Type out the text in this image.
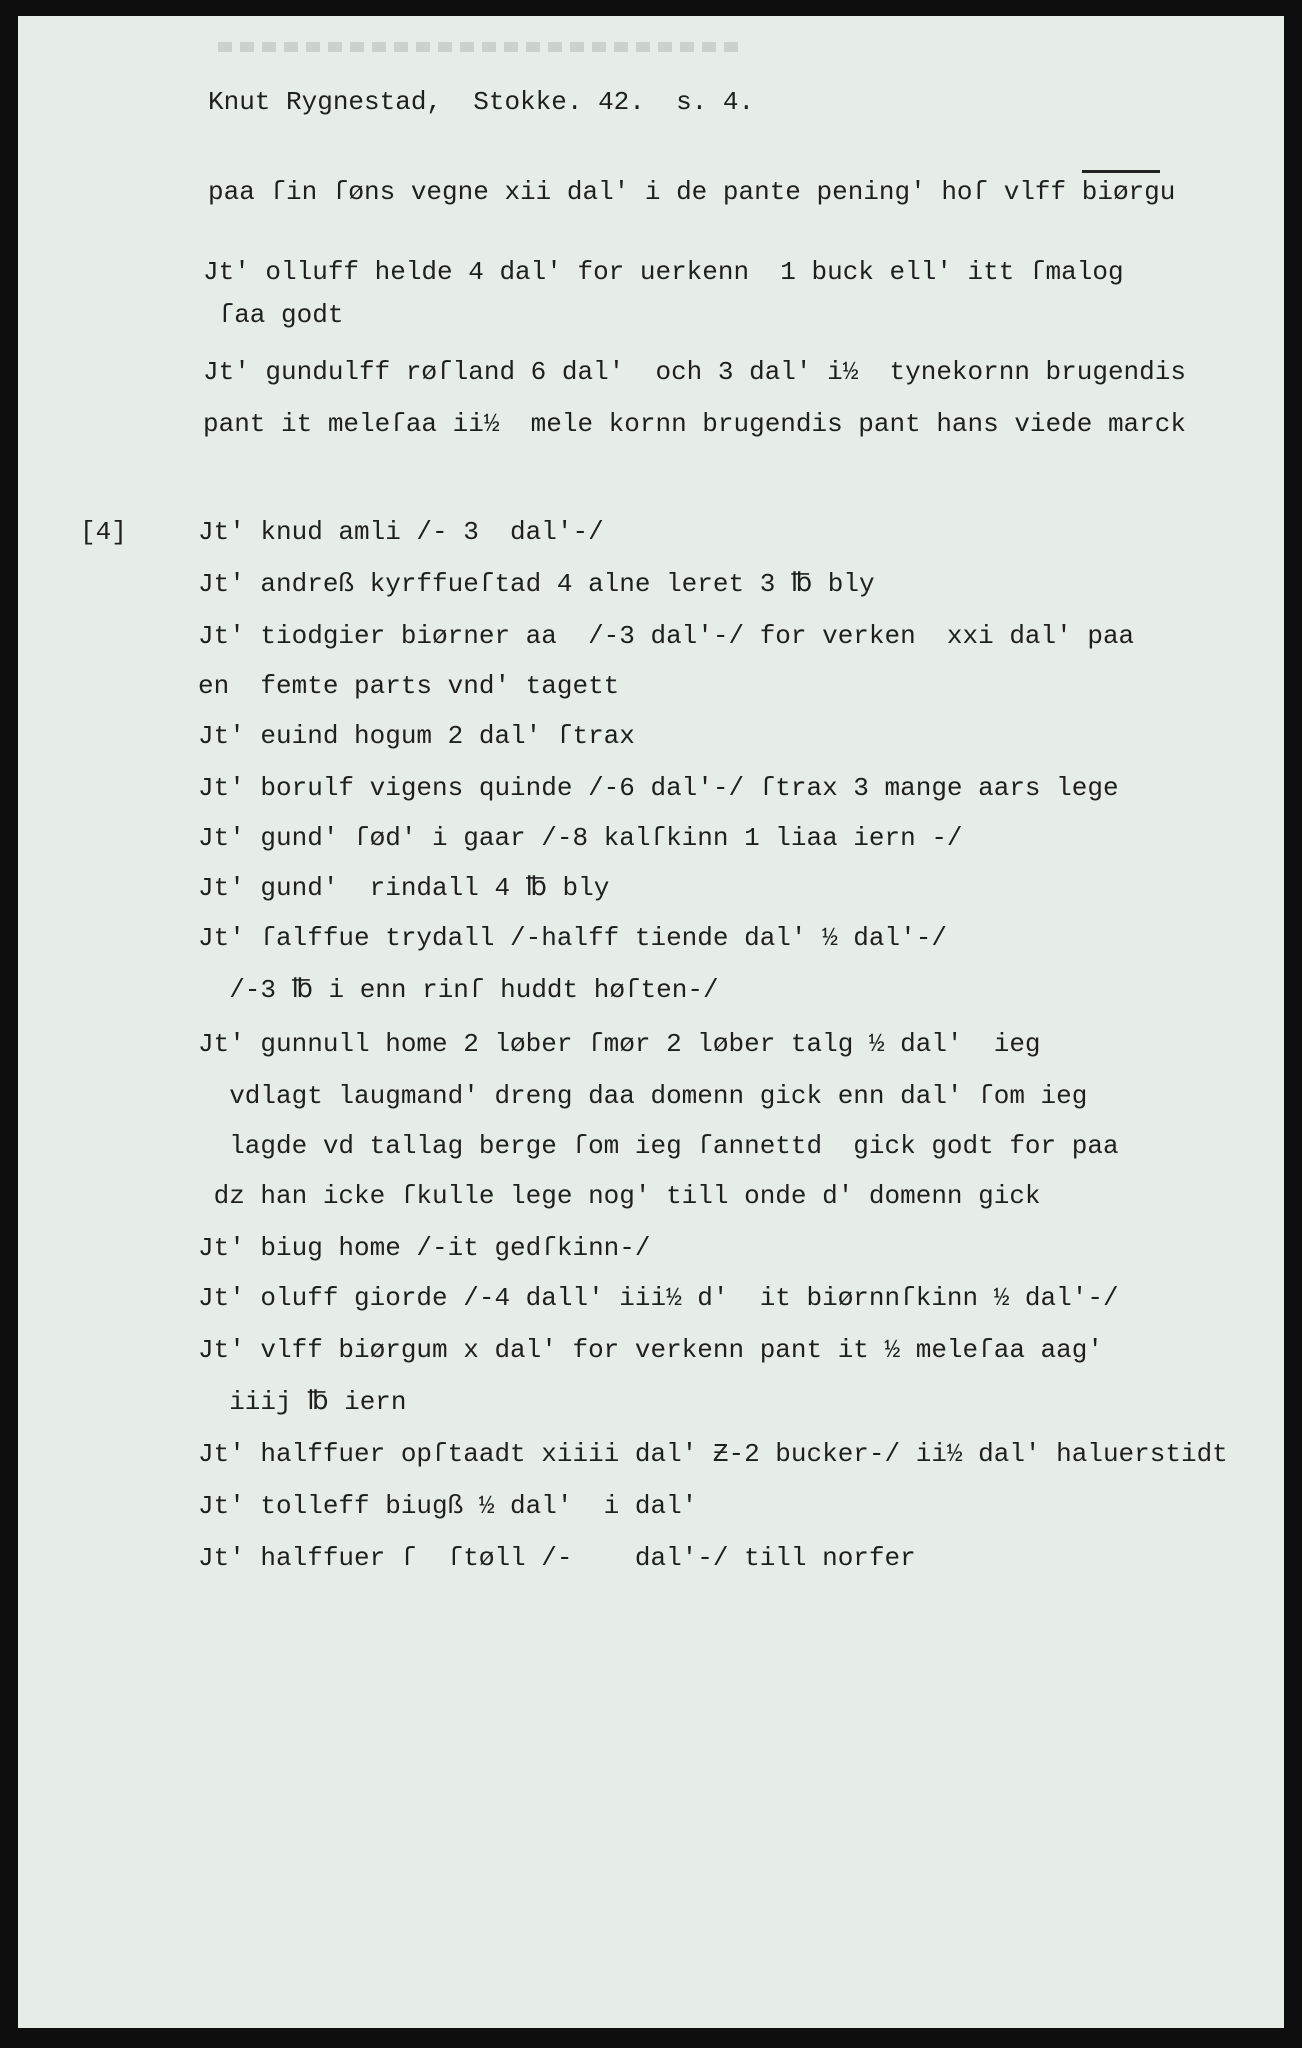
Knut Rygnestad,  Stokke. 42.  s. 4.
paa ſin ſøns vegne xii dal' i de pante pening' hoſ vlff biørgu
Jt' olluff helde 4 dal' for uerkenn  1 buck ell' itt ſmalog
ſaa godt
Jt' gundulff røſland 6 dal'  och 3 dal' i½  tynekornn brugendis
pant it meleſaa ii½  mele kornn brugendis pant hans viede marck
[4]	Jt' knud amli /- 3  dal'-/
Jt' andreß kyrffueſtad 4 alne leret 3 ℔ bly
Jt' tiodgier biørner aa  /-3 dal'-/ for verken  xxi dal' paa
en  femte parts vnd' tagett
Jt' euind hogum 2 dal' ſtrax
Jt' borulf vigens quinde /-6 dal'-/ ſtrax 3 mange aars lege
Jt' gund' ſød' i gaar /-8 kalſkinn 1 liaa iern -/
Jt' gund'  rindall 4 ℔ bly
Jt' ſalffue trydall /-halff tiende dal' ½ dal'-/
/-3 ℔ i enn rinſ huddt høſten-/
Jt' gunnull home 2 løber ſmør 2 løber talg ½ dal'  ieg
vdlagt laugmand' dreng daa domenn gick enn dal' ſom ieg
lagde vd tallag berge ſom ieg ſannettd  gick godt for paa
dz han icke ſkulle lege nog' till onde d' domenn gick
Jt' biug home /-it gedſkinn-/
Jt' oluff giorde /-4 dall' iii½ d'  it biørnnſkinn ½ dal'-/
Jt' vlff biørgum x dal' for verkenn pant it ½ meleſaa aag'
iiij ℔ iern
Jt' halffuer opſtaadt xiiii dal' Ƶ-2 bucker-/ ii½ dal' haluerstidt
Jt' tolleff biugß ½ dal'  i dal'
Jt' halffuer ſ  ſtøll /-    dal'-/ till norfer
